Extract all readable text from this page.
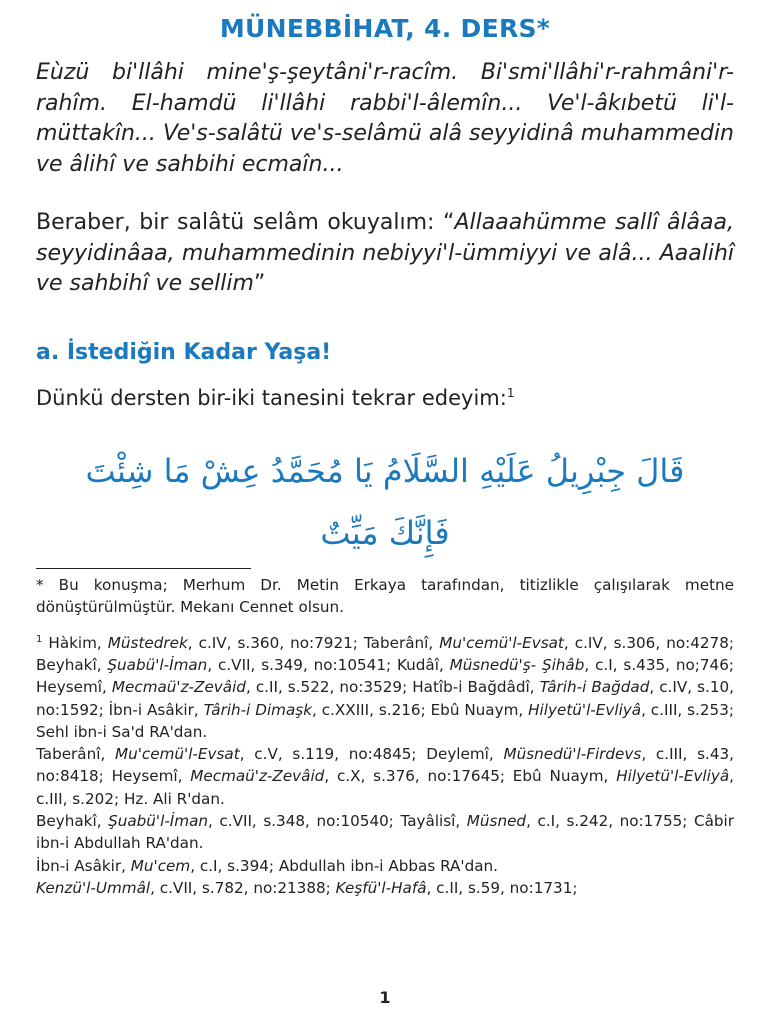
MÜNEBBİHAT, 4. DERS*

Eùzü bi'llâhi mine'ş-şeytâni'r-racîm. Bi'smi'llâhi'r-rahmâni'r-rahîm. El-hamdü li'llâhi rabbi'l-âlemîn... Ve'l-âkıbetü li'l-müttakîn... Ve's-salâtü ve's-selâmü alâ seyyidinâ muhammedin ve âlihî ve sahbihi ecmaîn...

Beraber, bir salâtü selâm okuyalım: “Allaaahümme sallî âlâaa, seyyidinâaa, muhammedinin nebiyyi'l-ümmiyyi ve alâ... Aaalihî ve sahbihî ve sellim”

a. İstediğin Kadar Yaşa!

Dünkü dersten bir-iki tanesini tekrar edeyim:$^1$

قَالَ جِبْرِيلُ عَلَيْهِ السَّلَامُ يَا مُحَمَّدُ عِشْ مَا شِئْتَ
فَإِنَّكَ مَيِّتٌ

* Bu konuşma; Merhum Dr. Metin Erkaya tarafından, titizlikle çalışılarak metne dönüştürülmüştür. Mekanı Cennet olsun.

$^1$ Hàkim, Müstedrek, c.IV, s.360, no:7921; Taberânî, Mu'cemü'l-Evsat, c.IV, s.306, no:4278; Beyhakî, Şuabü'l-İman, c.VII, s.349, no:10541; Kudâî, Müsnedü'ş- Şihâb, c.I, s.435, no;746; Heysemî, Mecmaü'z-Zevâid, c.II, s.522, no:3529; Hatîb-i Bağdâdî, Târih-i Bağdad, c.IV, s.10, no:1592; İbn-i Asâkir, Târih-i Dimaşk, c.XXIII, s.216; Ebû Nuaym, Hilyetü'l-Evliyâ, c.III, s.253; Sehl ibn-i Sa'd RA'dan.

Taberânî, Mu'cemü'l-Evsat, c.V, s.119, no:4845; Deylemî, Müsnedü'l-Firdevs, c.III, s.43, no:8418; Heysemî, Mecmaü'z-Zevâid, c.X, s.376, no:17645; Ebû Nuaym, Hilyetü'l-Evliyâ, c.III, s.202; Hz. Ali R'dan.

Beyhakî, Şuabü'l-İman, c.VII, s.348, no:10540; Tayâlisî, Müsned, c.I, s.242, no:1755; Câbir ibn-i Abdullah RA'dan.

İbn-i Asâkir, Mu'cem, c.I, s.394; Abdullah ibn-i Abbas RA'dan.

Kenzü'l-Ummâl, c.VII, s.782, no:21388; Keşfü'l-Hafâ, c.II, s.59, no:1731;

1
